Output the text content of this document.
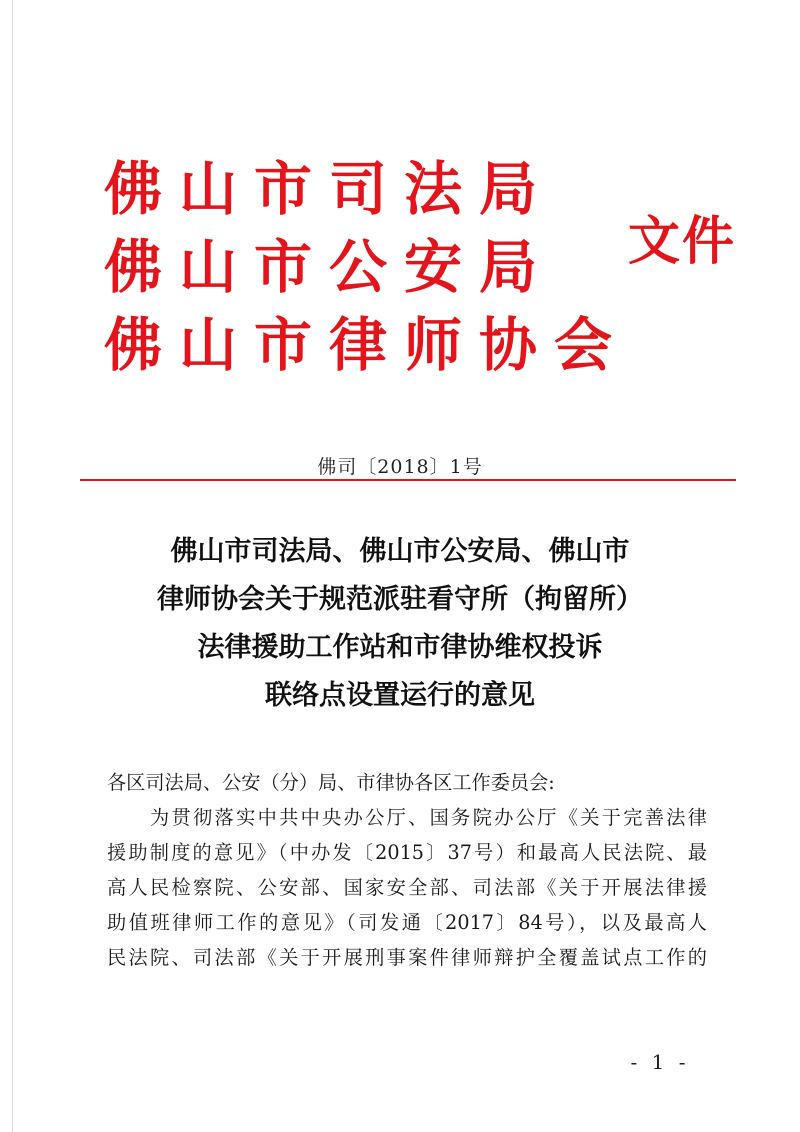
佛山市司法局
佛山市公安局
佛山市律师协会
文件
佛司〔2018〕1号
佛山市司法局、佛山市公安局、佛山市
律师协会关于规范派驻看守所（拘留所）
法律援助工作站和市律协维权投诉
联络点设置运行的意见
各区司法局、公安（分）局、市律协各区工作委员会:
　　为贯彻落实中共中央办公厅、国务院办公厅《关于完善法律
援助制度的意见》（中办发〔2015〕37号）和最高人民法院、最
高人民检察院、公安部、国家安全部、司法部《关于开展法律援
助值班律师工作的意见》（司发通〔2017〕84号），以及最高人
民法院、司法部《关于开展刑事案件律师辩护全覆盖试点工作的
- 1 -
